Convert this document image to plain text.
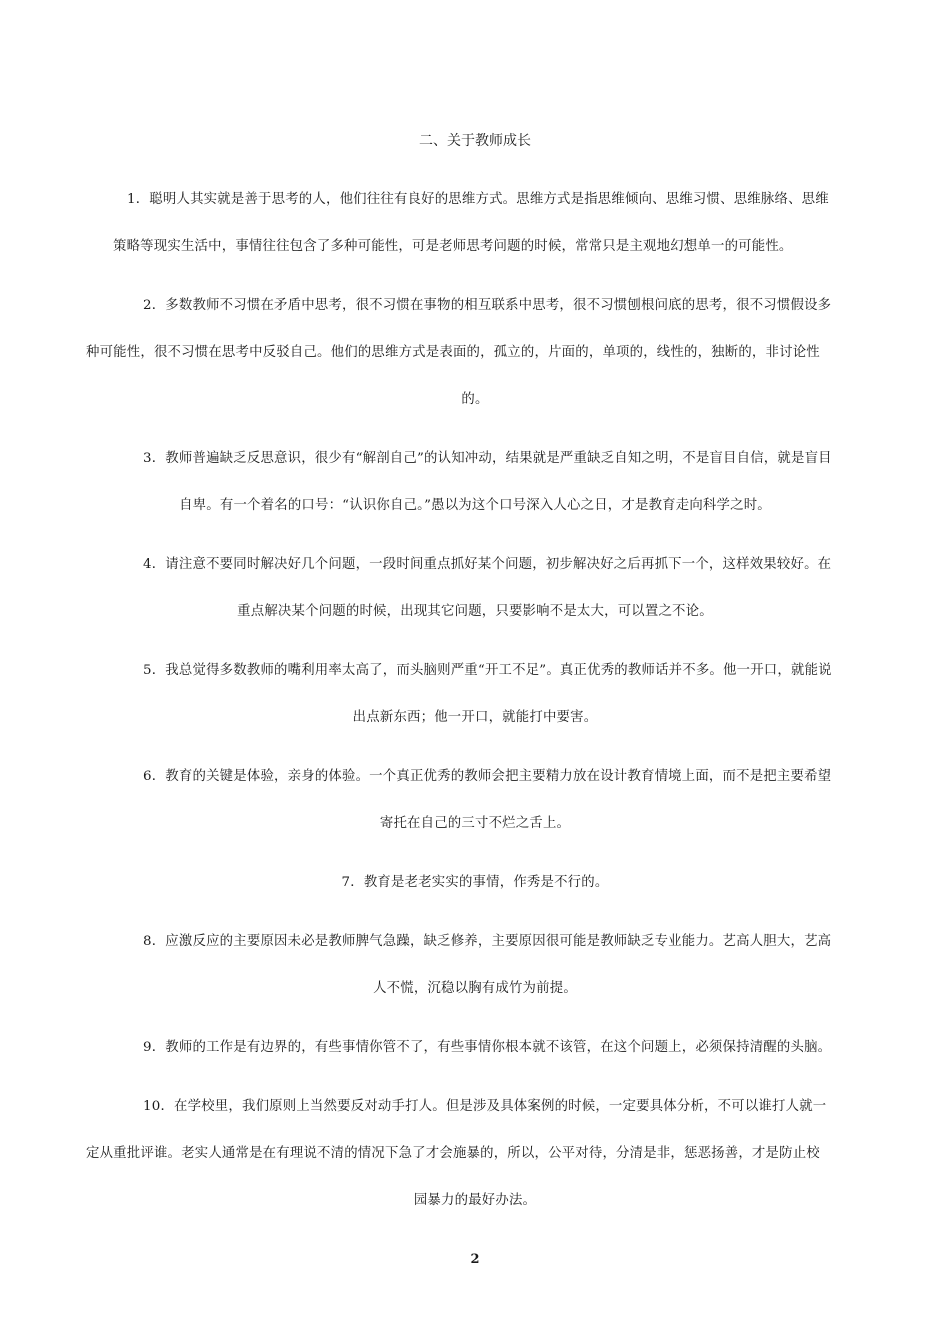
二、关于教师成长
1．聪明人其实就是善于思考的人，他们往往有良好的思维方式。思维方式是指思维倾向、思维习惯、思维脉络、思维
策略等现实生活中，事情往往包含了多种可能性，可是老师思考问题的时候，常常只是主观地幻想单一的可能性。
2．多数教师不习惯在矛盾中思考，很不习惯在事物的相互联系中思考，很不习惯刨根问底的思考，很不习惯假设多
种可能性，很不习惯在思考中反驳自己。他们的思维方式是表面的，孤立的，片面的，单项的，线性的，独断的，非讨论性
的。
3．教师普遍缺乏反思意识，很少有“解剖自己”的认知冲动，结果就是严重缺乏自知之明，不是盲目自信，就是盲目
自卑。有一个着名的口号：“认识你自己。”愚以为这个口号深入人心之日，才是教育走向科学之时。
4．请注意不要同时解决好几个问题，一段时间重点抓好某个问题，初步解决好之后再抓下一个，这样效果较好。在
重点解决某个问题的时候，出现其它问题，只要影响不是太大，可以置之不论。
5．我总觉得多数教师的嘴利用率太高了，而头脑则严重“开工不足”。真正优秀的教师话并不多。他一开口，就能说
出点新东西；他一开口，就能打中要害。
6．教育的关键是体验，亲身的体验。一个真正优秀的教师会把主要精力放在设计教育情境上面，而不是把主要希望
寄托在自己的三寸不烂之舌上。
7．教育是老老实实的事情，作秀是不行的。
8．应激反应的主要原因未必是教师脾气急躁，缺乏修养，主要原因很可能是教师缺乏专业能力。艺高人胆大，艺高
人不慌，沉稳以胸有成竹为前提。
9．教师的工作是有边界的，有些事情你管不了，有些事情你根本就不该管，在这个问题上，必须保持清醒的头脑。
10．在学校里，我们原则上当然要反对动手打人。但是涉及具体案例的时候，一定要具体分析，不可以谁打人就一
定从重批评谁。老实人通常是在有理说不清的情况下急了才会施暴的，所以，公平对待，分清是非，惩恶扬善，才是防止校
园暴力的最好办法。
2
